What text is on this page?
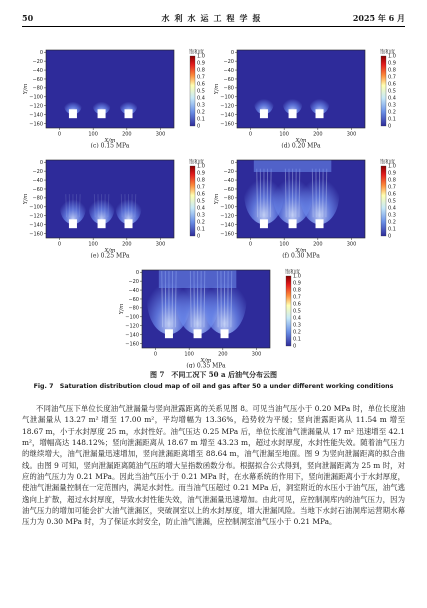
50	水利水运工程学报	2025 年 6 月
0	100	200	300
X/m
0
−20
−40
−60
−80
−100
−120
−140
−160
Y/m
饱和度
1.0
0.9
0.8
0.7
0.6
0.5
0.4
0.3
0.2
0.1
0
(c) 0.15 MPa
0	100	200	300
X/m
0
−20
−40
−60
−80
−100
−120
−140
−160
Y/m
饱和度
1.0
0.9
0.8
0.7
0.6
0.5
0.4
0.3
0.2
0.1
0
(d) 0.20 MPa
0	100	200	300
X/m
0
−20
−40
−60
−80
−100
−120
−140
−160
Y/m
饱和度
1.0
0.9
0.8
0.7
0.6
0.5
0.4
0.3
0.2
0.1
0
(e) 0.25 MPa
0	100	200	300
X/m
0
−20
−40
−60
−80
−100
−120
−140
−160
Y/m
饱和度
1.0
0.9
0.8
0.7
0.6
0.5
0.4
0.3
0.2
0.1
0
(f) 0.30 MPa
0	100	200	300
X/m
0
−20
−40
−60
−80
−100
−120
−140
−160
Y/m
饱和度
1.0
0.9
0.8
0.7
0.6
0.5
0.4
0.3
0.2
0.1
0
(g) 0.35 MPa
图 7　不同工况下 50 a 后油气分布云图
Fig. 7　Saturation distribution cloud map of oil and gas after 50 a under different working conditions

不同油气压下单位长度油气泄漏量与竖向泄露距离的关系见图 8。可见当油气压小于 0.20 MPa 时，单位长度油气泄漏量从 13.27 m² 增至 17.00 m²，平均增幅为 13.36%，趋势较为平缓；竖向泄露距离从 11.54 m 增至 18.67 m，小于水封厚度 25 m，水封性好。油气压达 0.25 MPa 后，单位长度油气泄漏量从 17 m² 迅速增至 42.1 m²，增幅高达 148.12%；竖向泄漏距离从 18.67 m 增至 43.23 m，超过水封厚度，水封性能失效。随着油气压力的继续增大，油气泄漏量迅速增加，竖向泄漏距离增至 88.64 m，油气泄漏至地面。图 9 为竖向泄漏距离的拟合曲线。由图 9 可知，竖向泄漏距离随油气压的增大呈指数函数分布。根据拟合公式得到，竖向泄漏距离为 25 m 时，对应的油气压力为 0.21 MPa。因此当油气压小于 0.21 MPa 时，在水幕系统的作用下，竖向泄漏距离小于水封厚度，使油气泄漏量控制在一定范围内，满足水封性。而当油气压超过 0.21 MPa 后，洞室附近的水压小于油气压，油气逃逸向上扩散，超过水封厚度，导致水封性能失效，油气泄漏量迅速增加。由此可见，应控制洞库内的油气压力，因为油气压力的增加可能会扩大油气泄漏区，突破洞室以上的水封厚度，增大泄漏风险。当地下水封石油洞库运营期水幕压力为 0.30 MPa 时，为了保证水封安全，防止油气泄漏，应控制洞室油气压小于 0.21 MPa。
